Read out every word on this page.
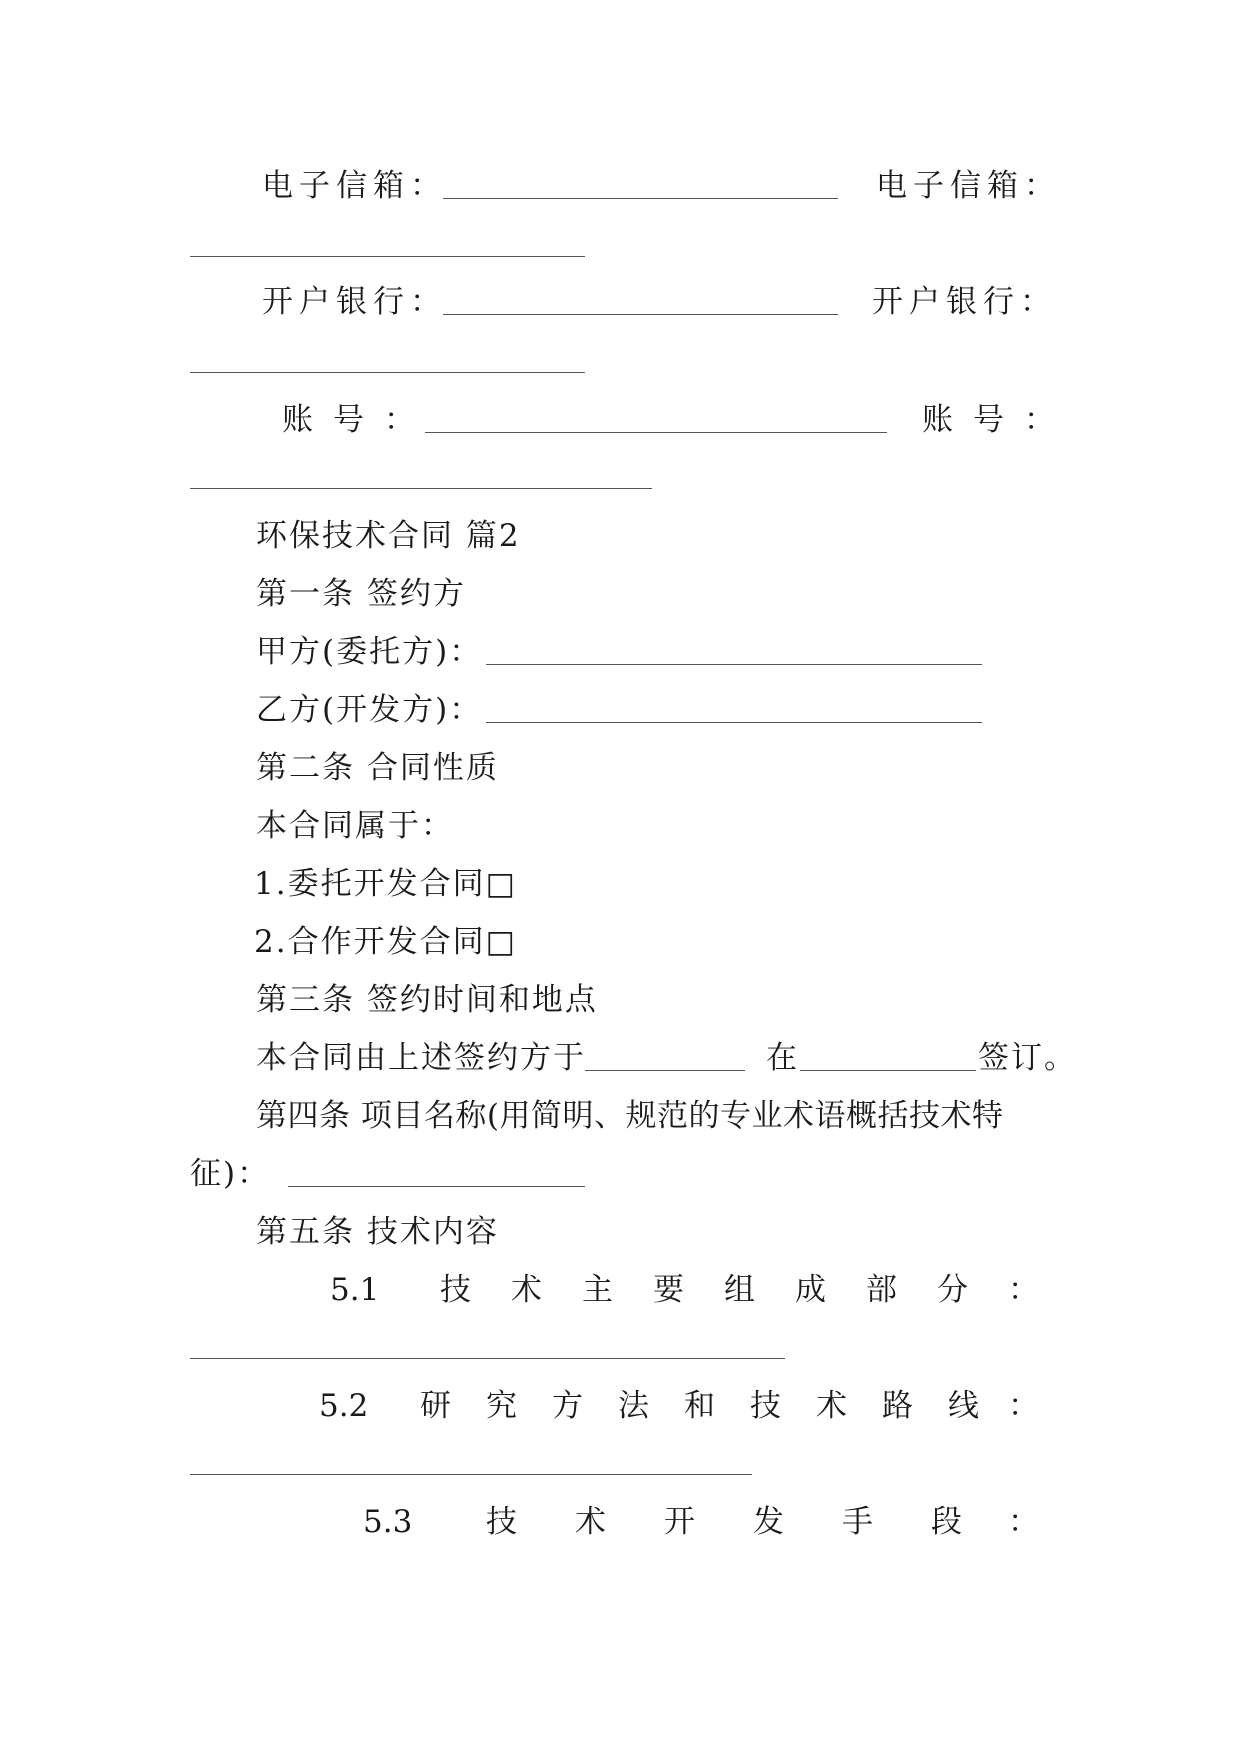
电子信箱：	电子信箱：
开户银行：	开户银行：
账号：	账号：
环保技术合同 篇2
第一条 签约方
甲方(委托方)：
乙方(开发方)：
第二条 合同性质
本合同属于：
1.委托开发合同□
2.合作开发合同□
第三条 签约时间和地点
本合同由上述签约方于	在	签订。
第四条 项目名称(用简明、规范的专业术语概括技术特
征)：
第五条 技术内容
5.1 技 术 主 要 组 成 部 分 ：
5.2 研 究 方 法 和 技 术 路 线 ：
5.3 技 术 开 发 手 段 ：
